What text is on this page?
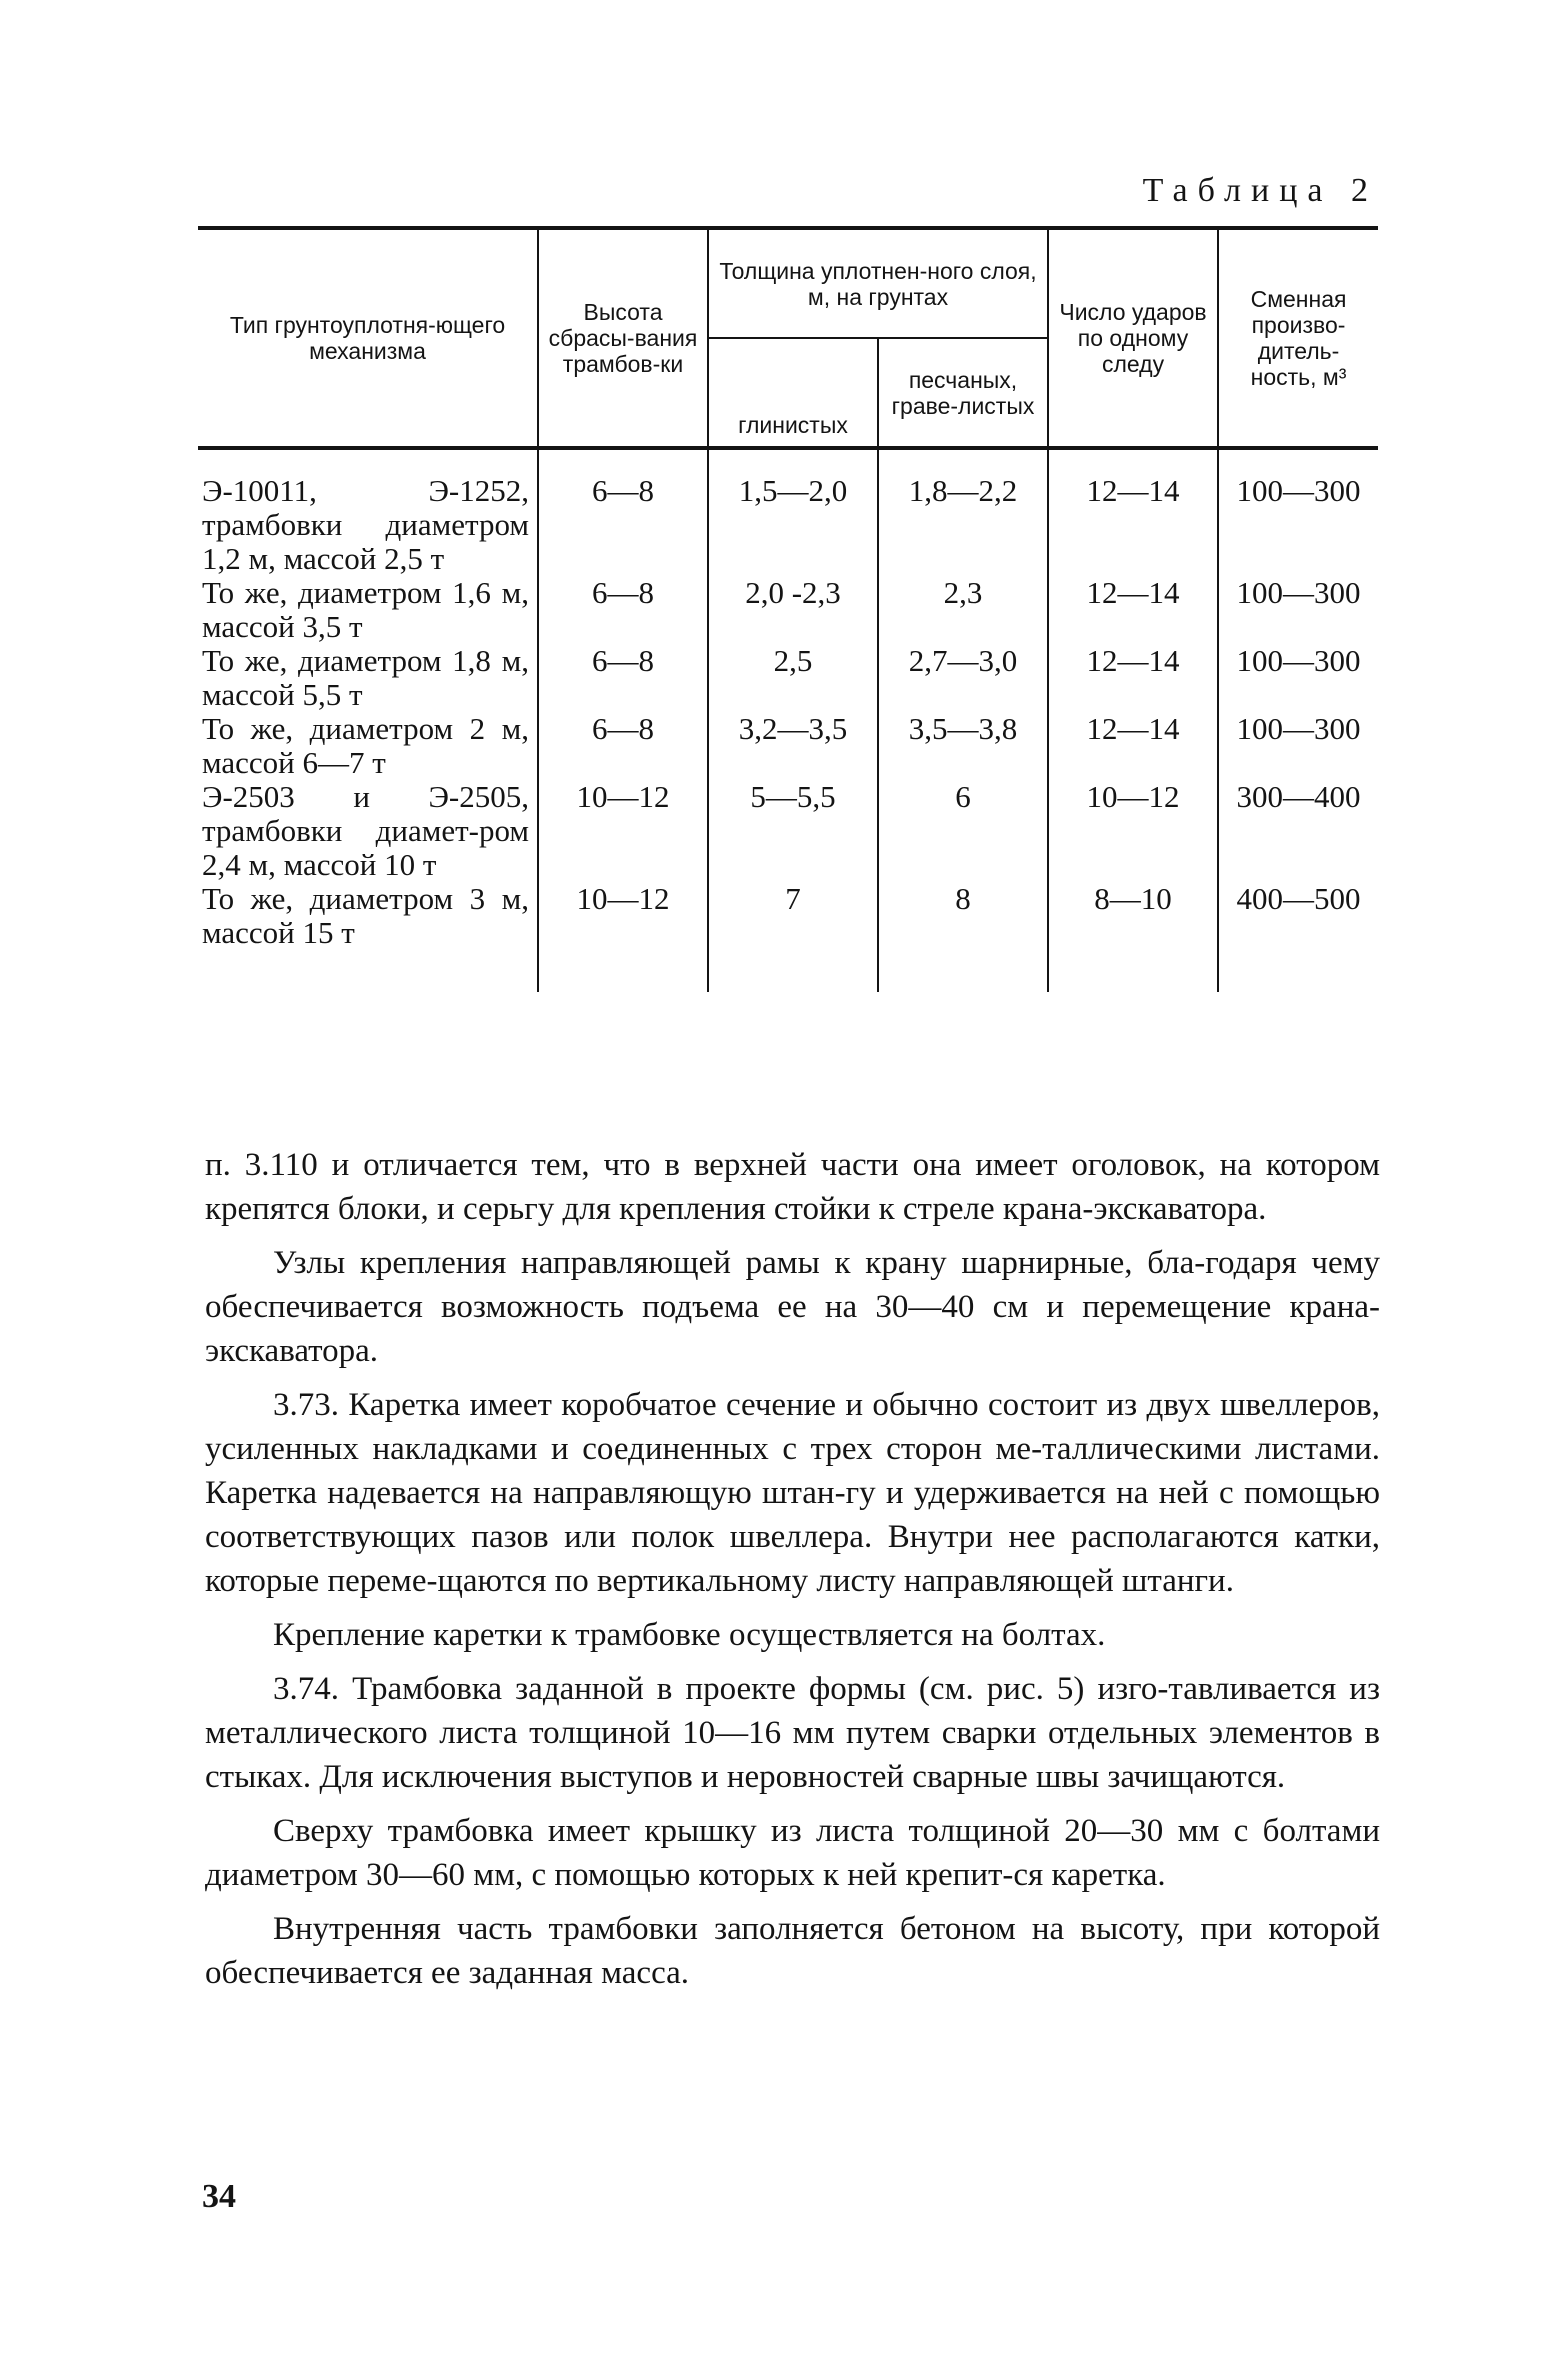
Таблица 2
Тип грунтоуплотня-ющего механизма	Высота сбрасы-вания трамбов-ки	Толщина уплотнен-ного слоя, м, на грунтах		Число ударов по одному следу	Сменная произво-дитель-ность, м³
		глинистых	песчаных, граве-листых		
Э-10011, Э-1252, трамбовки диаметром 1,2 м, массой 2,5 т	6—8	1,5—2,0	1,8—2,2	12—14	100—300
То же, диаметром 1,6 м, массой 3,5 т	6—8	2,0 -2,3	2,3	12—14	100—300
То же, диаметром 1,8 м, массой 5,5 т	6—8	2,5	2,7—3,0	12—14	100—300
То же, диаметром 2 м, массой 6—7 т	6—8	3,2—3,5	3,5—3,8	12—14	100—300
Э-2503 и Э-2505, трамбовки диамет-ром 2,4 м, массой 10 т	10—12	5—5,5	6	10—12	300—400
То же, диаметром 3 м, массой 15 т	10—12	7	8	8—10	400—500

п. 3.110 и отличается тем, что в верхней части она имеет оголовок, на котором крепятся блоки, и серьгу для крепления стойки к стреле крана-экскаватора.

Узлы крепления направляющей рамы к крану шарнирные, бла-годаря чему обеспечивается возможность подъема ее на 30—40 см и перемещение крана-экскаватора.

3.73. Каретка имеет коробчатое сечение и обычно состоит из двух швеллеров, усиленных накладками и соединенных с трех сторон ме-таллическими листами. Каретка надевается на направляющую штан-гу и удерживается на ней с помощью соответствующих пазов или полок швеллера. Внутри нее располагаются катки, которые переме-щаются по вертикальному листу направляющей штанги.

Крепление каретки к трамбовке осуществляется на болтах.

3.74. Трамбовка заданной в проекте формы (см. рис. 5) изго-тавливается из металлического листа толщиной 10—16 мм путем сварки отдельных элементов в стыках. Для исключения выступов и неровностей сварные швы зачищаются.

Сверху трамбовка имеет крышку из листа толщиной 20—30 мм с болтами диаметром 30—60 мм, с помощью которых к ней крепит-ся каретка.

Внутренняя часть трамбовки заполняется бетоном на высоту, при которой обеспечивается ее заданная масса.

34
